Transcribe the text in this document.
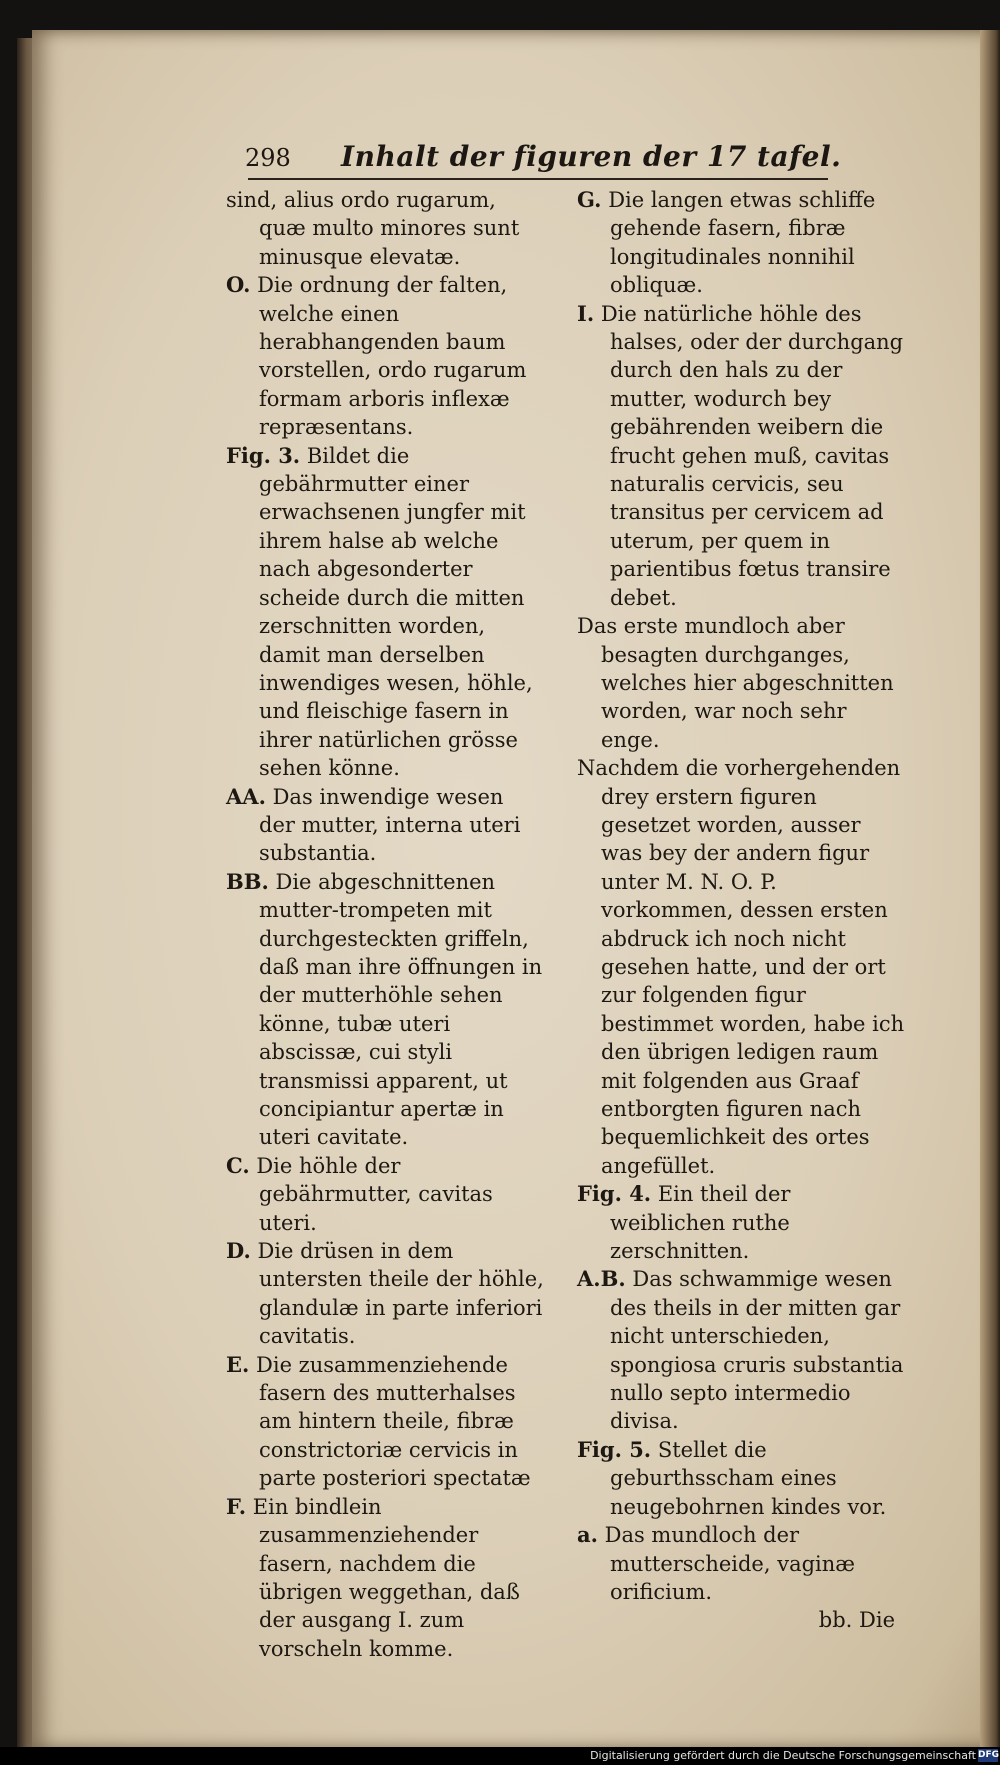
298 Inhalt der figuren der 17 tafel.

sind, alius ordo rugarum, quæ multo minores sunt minusque elevatæ.

O. Die ordnung der falten, welche einen herabhangenden baum vorstellen, ordo rugarum formam arboris inflexæ repræsentans.

Fig. 3. Bildet die gebährmutter einer erwachsenen jungfer mit ihrem halse ab welche nach abgesonderter scheide durch die mitten zerschnitten worden, damit man derselben inwendiges wesen, höhle, und fleischige fasern in ihrer natürlichen grösse sehen könne.

AA. Das inwendige wesen der mutter, interna uteri substantia.

BB. Die abgeschnittenen mutter-trompeten mit durchgesteckten griffeln, daß man ihre öffnungen in der mutterhöhle sehen könne, tubæ uteri abscissæ, cui styli transmissi apparent, ut concipiantur apertæ in uteri cavitate.

C. Die höhle der gebährmutter, cavitas uteri.

D. Die drüsen in dem untersten theile der höhle, glandulæ in parte inferiori cavitatis.

E. Die zusammenziehende fasern des mutterhalses am hintern theile, fibræ constrictoriæ cervicis in parte posteriori spectatæ

F. Ein bindlein zusammenziehender fasern, nachdem die übrigen weggethan, daß der ausgang I. zum vorscheln komme.

G. Die langen etwas schliffe gehende fasern, fibræ longitudinales nonnihil obliquæ.

I. Die natürliche höhle des halses, oder der durchgang durch den hals zu der mutter, wodurch bey gebährenden weibern die frucht gehen muß, cavitas naturalis cervicis, seu transitus per cervicem ad uterum, per quem in parientibus fœtus transire debet.

Das erste mundloch aber besagten durchganges, welches hier abgeschnitten worden, war noch sehr enge.

Nachdem die vorhergehenden drey erstern figuren gesetzet worden, ausser was bey der andern figur unter M. N. O. P. vorkommen, dessen ersten abdruck ich noch nicht gesehen hatte, und der ort zur folgenden figur bestimmet worden, habe ich den übrigen ledigen raum mit folgenden aus Graaf entborgten figuren nach bequemlichkeit des ortes angefüllet.

Fig. 4. Ein theil der weiblichen ruthe zerschnitten.

A.B. Das schwammige wesen des theils in der mitten gar nicht unterschieden, spongiosa cruris substantia nullo septo intermedio divisa.

Fig. 5. Stellet die geburthsscham eines neugebohrnen kindes vor.

a. Das mundloch der mutterscheide, vaginæ orificium.

bb. Die

Digitalisierung gefördert durch die Deutsche Forschungsgemeinschaft DFG
